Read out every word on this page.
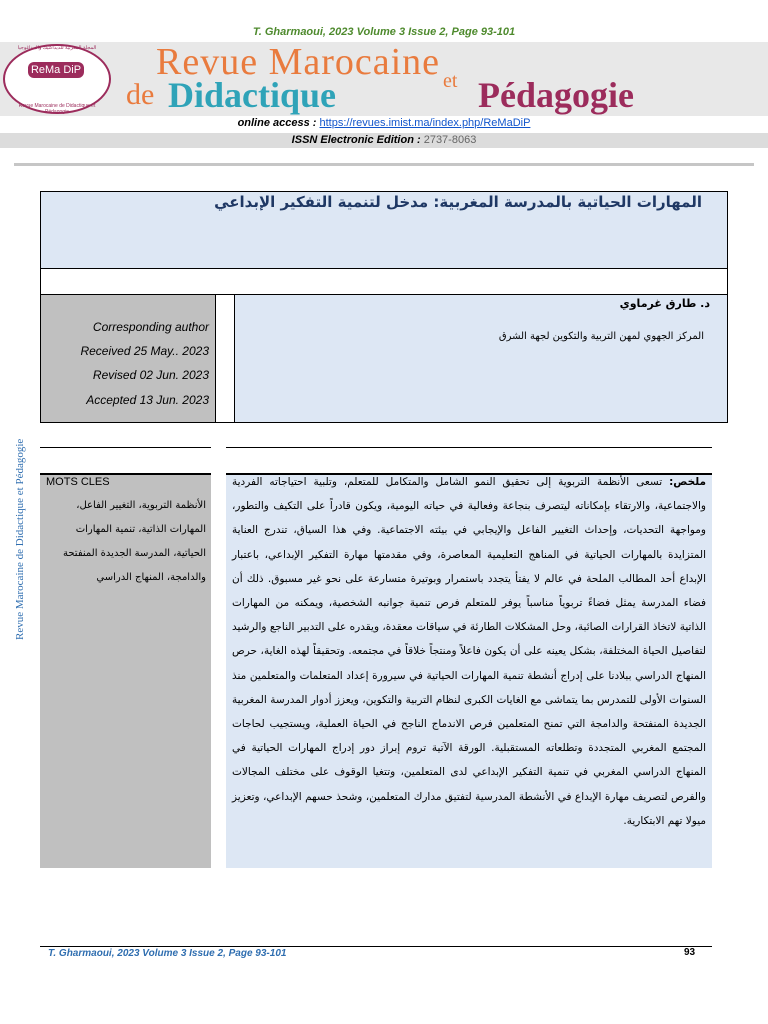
T. Gharmaoui, 2023 Volume 3 Issue 2, Page 93-101
المجلة المغربية للديداكتيك والبيداغوجيا
Revue Marocaine de Didactique et Pédagogie
ReMa DiP Revue Marocaine
de Didactique	et Pédagogie
online access : https://revues.imist.ma/index.php/ReMaDiP
ISSN Electronic Edition : 2737-8063
المهارات الحياتية بالمدرسة المغربية: مدخل لتنمية التفكير الإبداعي
Corresponding author
Received 25 May.. 2023
Revised 02 Jun. 2023
Accepted 13 Jun. 2023
د. طارق غرماوي
المركز الجهوي لمهن التربية والتكوين لجهة الشرق
Revue Marocaine de Didactique et Pédagogie MOTS CLES
الأنظمة التربوية، التغيير الفاعل، المهارات الذاتية، تنمية المهارات الحياتية، المدرسة الجديدة المنفتحة والدامجة، المنهاج الدراسي
ملخص: تسعى الأنظمة التربوية إلى تحقيق النمو الشامل والمتكامل للمتعلم، وتلبية احتياجاته الفردية والاجتماعية، والارتقاء بإمكاناته ليتصرف بنجاعة وفعالية في حياته اليومية، ويكون قادراً على التكيف والتطور، ومواجهة التحديات، وإحداث التغيير الفاعل والإيجابي في بيئته الاجتماعية. وفي هذا السياق، تندرج العناية المتزايدة بالمهارات الحياتية في المناهج التعليمية المعاصرة، وفي مقدمتها مهارة التفكير الإبداعي، باعتبار الإبداع أحد المطالب الملحة في عالم لا يفتأ يتجدد باستمرار وبوتيرة متسارعة على نحو غير مسبوق. ذلك أن فضاء المدرسة يمثل فضاءً تربوياً مناسباً يوفر للمتعلم فرص تنمية جوانبه الشخصية، ويمكنه من المهارات الذاتية لاتخاذ القرارات الصائبة، وحل المشكلات الطارئة في سياقات معقدة، ويقدره على التدبير الناجع والرشيد لتفاصيل الحياة المختلفة، بشكل يعينه على أن يكون فاعلاً ومنتجاً خلاقاً في مجتمعه. وتحقيقاً لهذه الغاية، حرص المنهاج الدراسي ببلادنا على إدراج أنشطة تنمية المهارات الحياتية في سيرورة إعداد المتعلمات والمتعلمين منذ السنوات الأولى للتمدرس بما يتماشى مع الغايات الكبرى لنظام التربية والتكوين، ويعزز أدوار المدرسة المغربية الجديدة المنفتحة والدامجة التي تمنح المتعلمين فرص الاندماج الناجح في الحياة العملية، ويستجيب لحاجات المجتمع المغربي المتجددة وتطلعاته المستقبلية. الورقة الآتية تروم إبراز دور إدراج المهارات الحياتية في المنهاج الدراسي المغربي في تنمية التفكير الإبداعي لدى المتعلمين، وتتغيا الوقوف على مختلف المجالات والفرص لتصريف مهارة الإبداع في الأنشطة المدرسية لتفتيق مدارك المتعلمين، وشحذ حسهم الإبداعي، وتعزيز ميولا تهم الابتكارية.
T. Gharmaoui, 2023 Volume 3 Issue 2, Page 93-101	93
